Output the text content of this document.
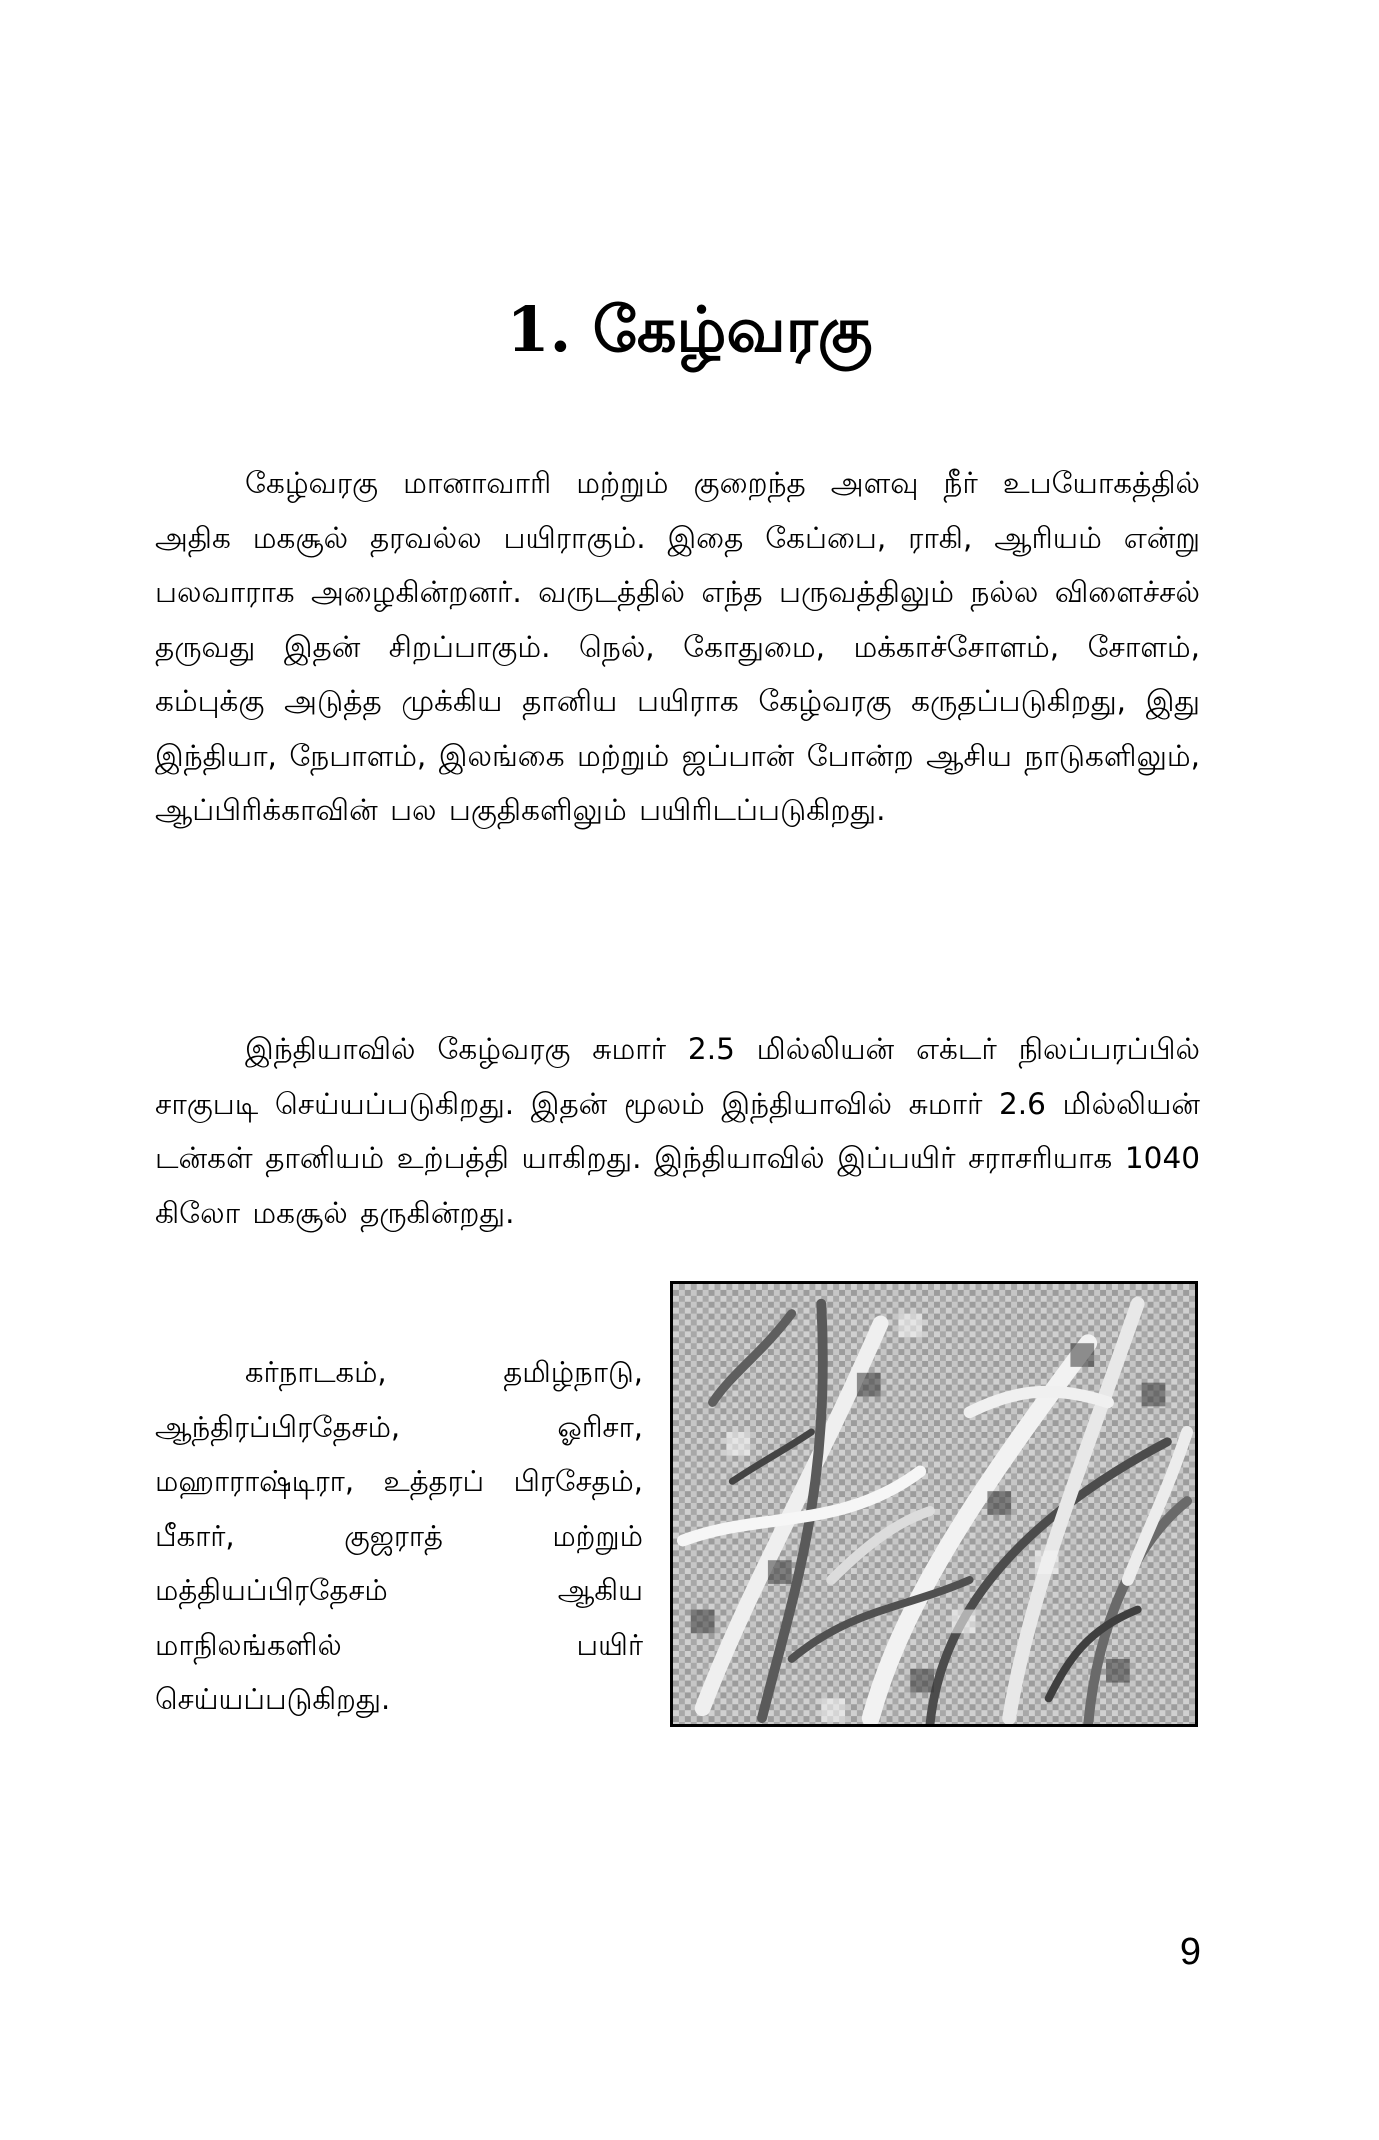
1. கேழ்வரகு

கேழ்வரகு மானாவாரி மற்றும் குறைந்த அளவு நீர் உபயோகத்தில் அதிக மகசூல் தரவல்ல பயிராகும். இதை கேப்பை, ராகி, ஆரியம் என்று பலவாராக அழைகின்றனர். வருடத்தில் எந்த பருவத்திலும் நல்ல விளைச்சல் தருவது இதன் சிறப்பாகும். நெல், கோதுமை, மக்காச்சோளம், சோளம், கம்புக்கு அடுத்த முக்கிய தானிய பயிராக கேழ்வரகு கருதப்படுகிறது, இது இந்தியா, நேபாளம், இலங்கை மற்றும் ஜப்பான் போன்ற ஆசிய நாடுகளிலும், ஆப்பிரிக்காவின் பல பகுதிகளிலும் பயிரிடப்படுகிறது.

இந்தியாவில் கேழ்வரகு சுமார் 2.5 மில்லியன் எக்டர் நிலப்பரப்பில் சாகுபடி செய்யப்படுகிறது. இதன் மூலம் இந்தியாவில் சுமார் 2.6 மில்லியன் டன்கள் தானியம் உற்பத்தி யாகிறது. இந்தியாவில் இப்பயிர் சராசரியாக 1040 கிலோ மகசூல் தருகின்றது.

கர்நாடகம், தமிழ்நாடு, ஆந்திரப்பிரதேசம், ஓரிசா, மஹாராஷ்டிரா, உத்தரப் பிரசேதம், பீகார், குஜராத் மற்றும் மத்தியப்பிரதேசம் ஆகிய மாநிலங்களில் பயிர் செய்யப்படுகிறது.

9
